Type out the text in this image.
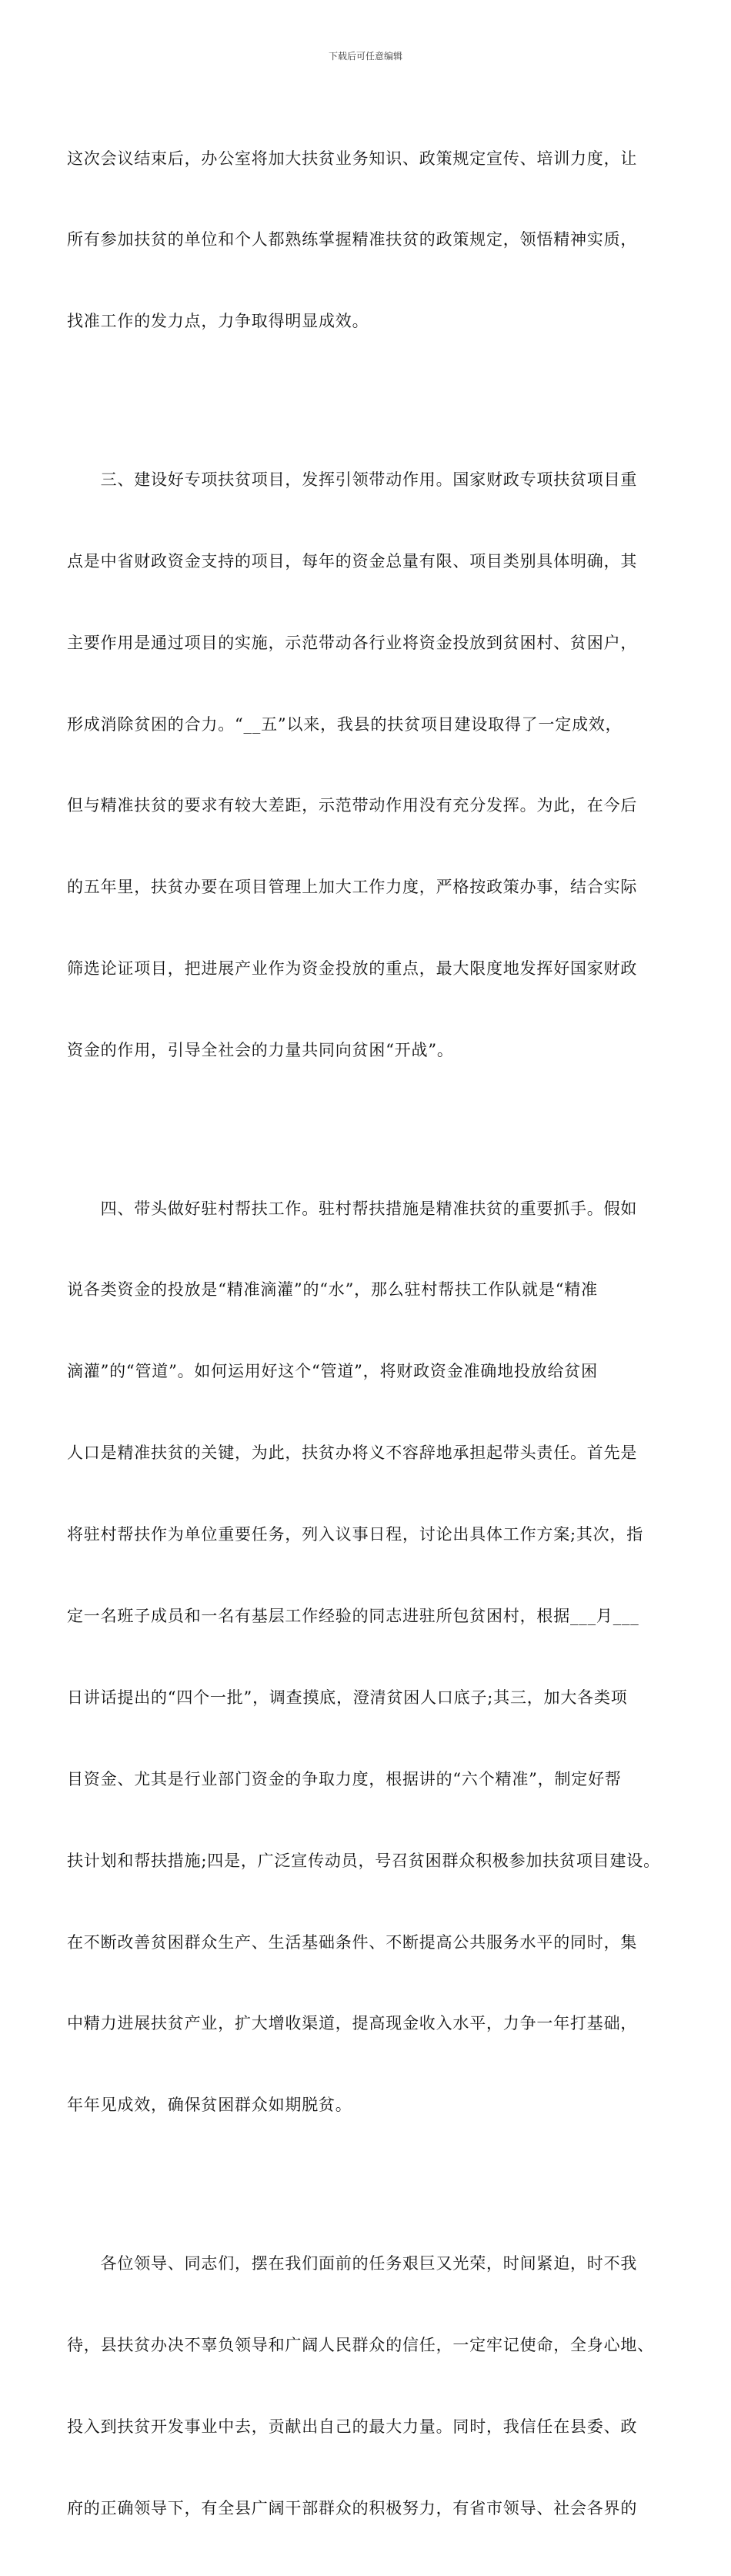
下载后可任意编辑

这次会议结束后，办公室将加大扶贫业务知识、政策规定宣传、培训力度，让

所有参加扶贫的单位和个人都熟练掌握精准扶贫的政策规定，领悟精神实质，

找准工作的发力点，力争取得明显成效。

　　三、建设好专项扶贫项目，发挥引领带动作用。国家财政专项扶贫项目重

点是中省财政资金支持的项目，每年的资金总量有限、项目类别具体明确，其

主要作用是通过项目的实施，示范带动各行业将资金投放到贫困村、贫困户，

形成消除贫困的合力。“__五”以来，我县的扶贫项目建设取得了一定成效，

但与精准扶贫的要求有较大差距，示范带动作用没有充分发挥。为此，在今后

的五年里，扶贫办要在项目管理上加大工作力度，严格按政策办事，结合实际

筛选论证项目，把进展产业作为资金投放的重点，最大限度地发挥好国家财政

资金的作用，引导全社会的力量共同向贫困“开战”。

　　四、带头做好驻村帮扶工作。驻村帮扶措施是精准扶贫的重要抓手。假如

说各类资金的投放是“精准滴灌”的“水”，那么驻村帮扶工作队就是“精准

滴灌”的“管道”。如何运用好这个“管道”，将财政资金准确地投放给贫困

人口是精准扶贫的关键，为此，扶贫办将义不容辞地承担起带头责任。首先是

将驻村帮扶作为单位重要任务，列入议事日程，讨论出具体工作方案;其次，指

定一名班子成员和一名有基层工作经验的同志进驻所包贫困村，根据___月___

日讲话提出的“四个一批”，调查摸底，澄清贫困人口底子;其三，加大各类项

目资金、尤其是行业部门资金的争取力度，根据讲的“六个精准”，制定好帮

扶计划和帮扶措施;四是，广泛宣传动员，号召贫困群众积极参加扶贫项目建设。

在不断改善贫困群众生产、生活基础条件、不断提高公共服务水平的同时，集

中精力进展扶贫产业，扩大增收渠道，提高现金收入水平，力争一年打基础，

年年见成效，确保贫困群众如期脱贫。

　　各位领导、同志们，摆在我们面前的任务艰巨又光荣，时间紧迫，时不我

待，县扶贫办决不辜负领导和广阔人民群众的信任，一定牢记使命，全身心地、

投入到扶贫开发事业中去，贡献出自己的最大力量。同时，我信任在县委、政

府的正确领导下，有全县广阔干部群众的积极努力，有省市领导、社会各界的
